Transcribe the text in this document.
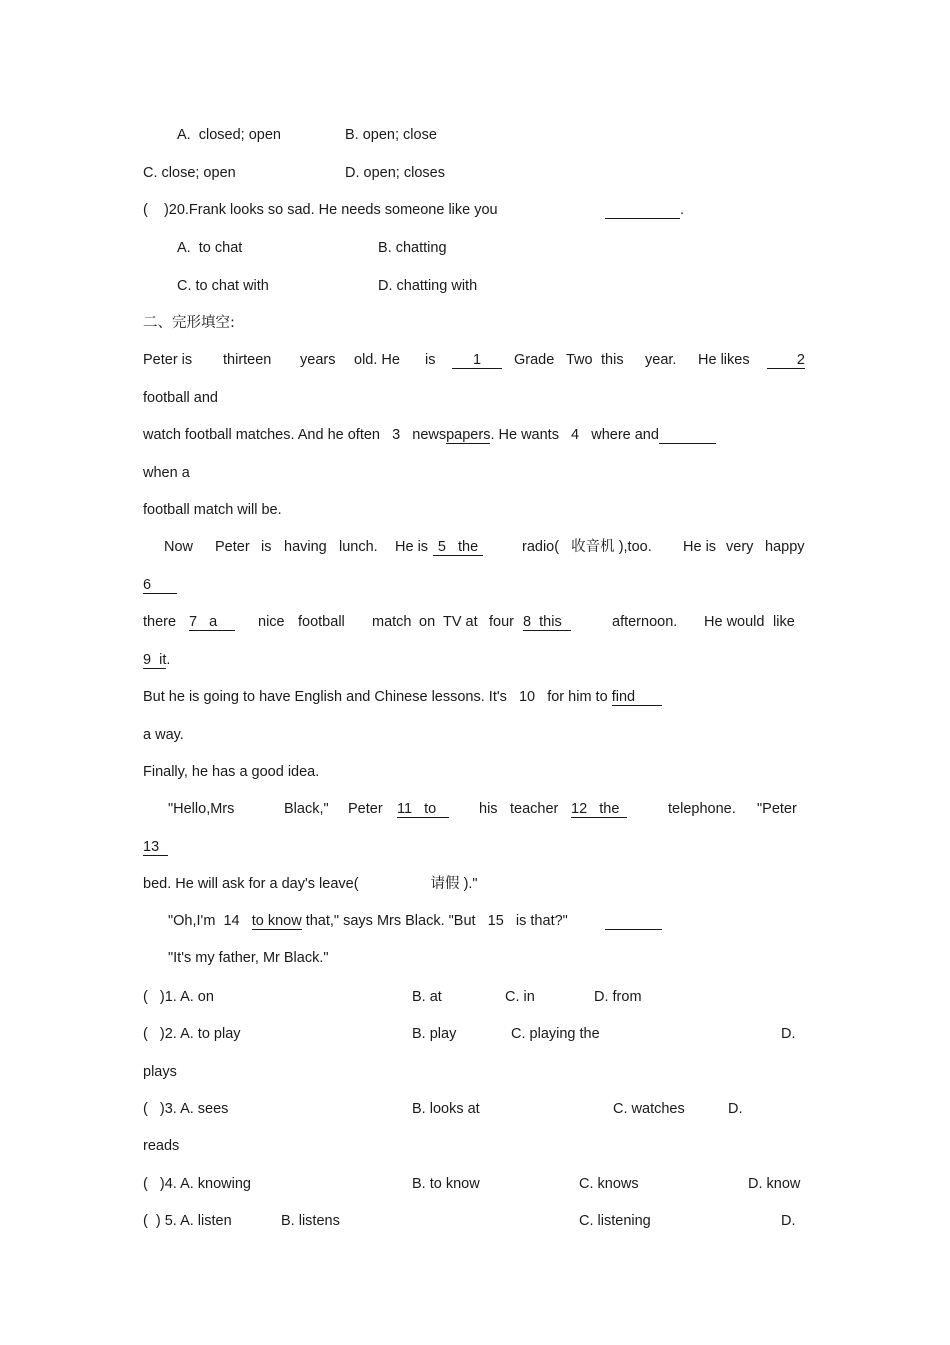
A.  closed; open	B. open; close
C. close; open	D. open; closes
(    )20.Frank looks so sad. He needs someone like you	.
A.  to chat	B. chatting
C. to chat with	D. chatting with
二、完形填空:
Peter is thirteen years old. He is	1	Grade Two this year. He likes	2
football and
watch football matches. And he often 3 newspapers. He wants 4 where and
when a
football match will be.
Now Peter is having lunch. He is 5 the	radio( 收音机 ),too. He is very happy
6
there 7 a	nice football match on TV at four 8 this	afternoon. He would like
9 it.
But he is going to have English and Chinese lessons. It's 10 for him to find
a way.
Finally, he has a good idea.
"Hello,Mrs	Black," Peter 11 to	his teacher 12 the	telephone. "Peter
13
bed. He will ask for a day's leave(	请假 )."
"Oh,I'm 14 to know that," says Mrs Black. "But 15 is that?"

"It's my father, Mr Black."
(   )1. A. on	B. at	C. in	D. from
(   )2. A. to play	B. play	C. playing the	D.
plays
(   )3. A. sees	B. looks at	C. watches	D.
reads
(   )4. A. knowing	B. to know	C. knows	D. know
(  ) 5. A. listen	B. listens	C. listening	D.
